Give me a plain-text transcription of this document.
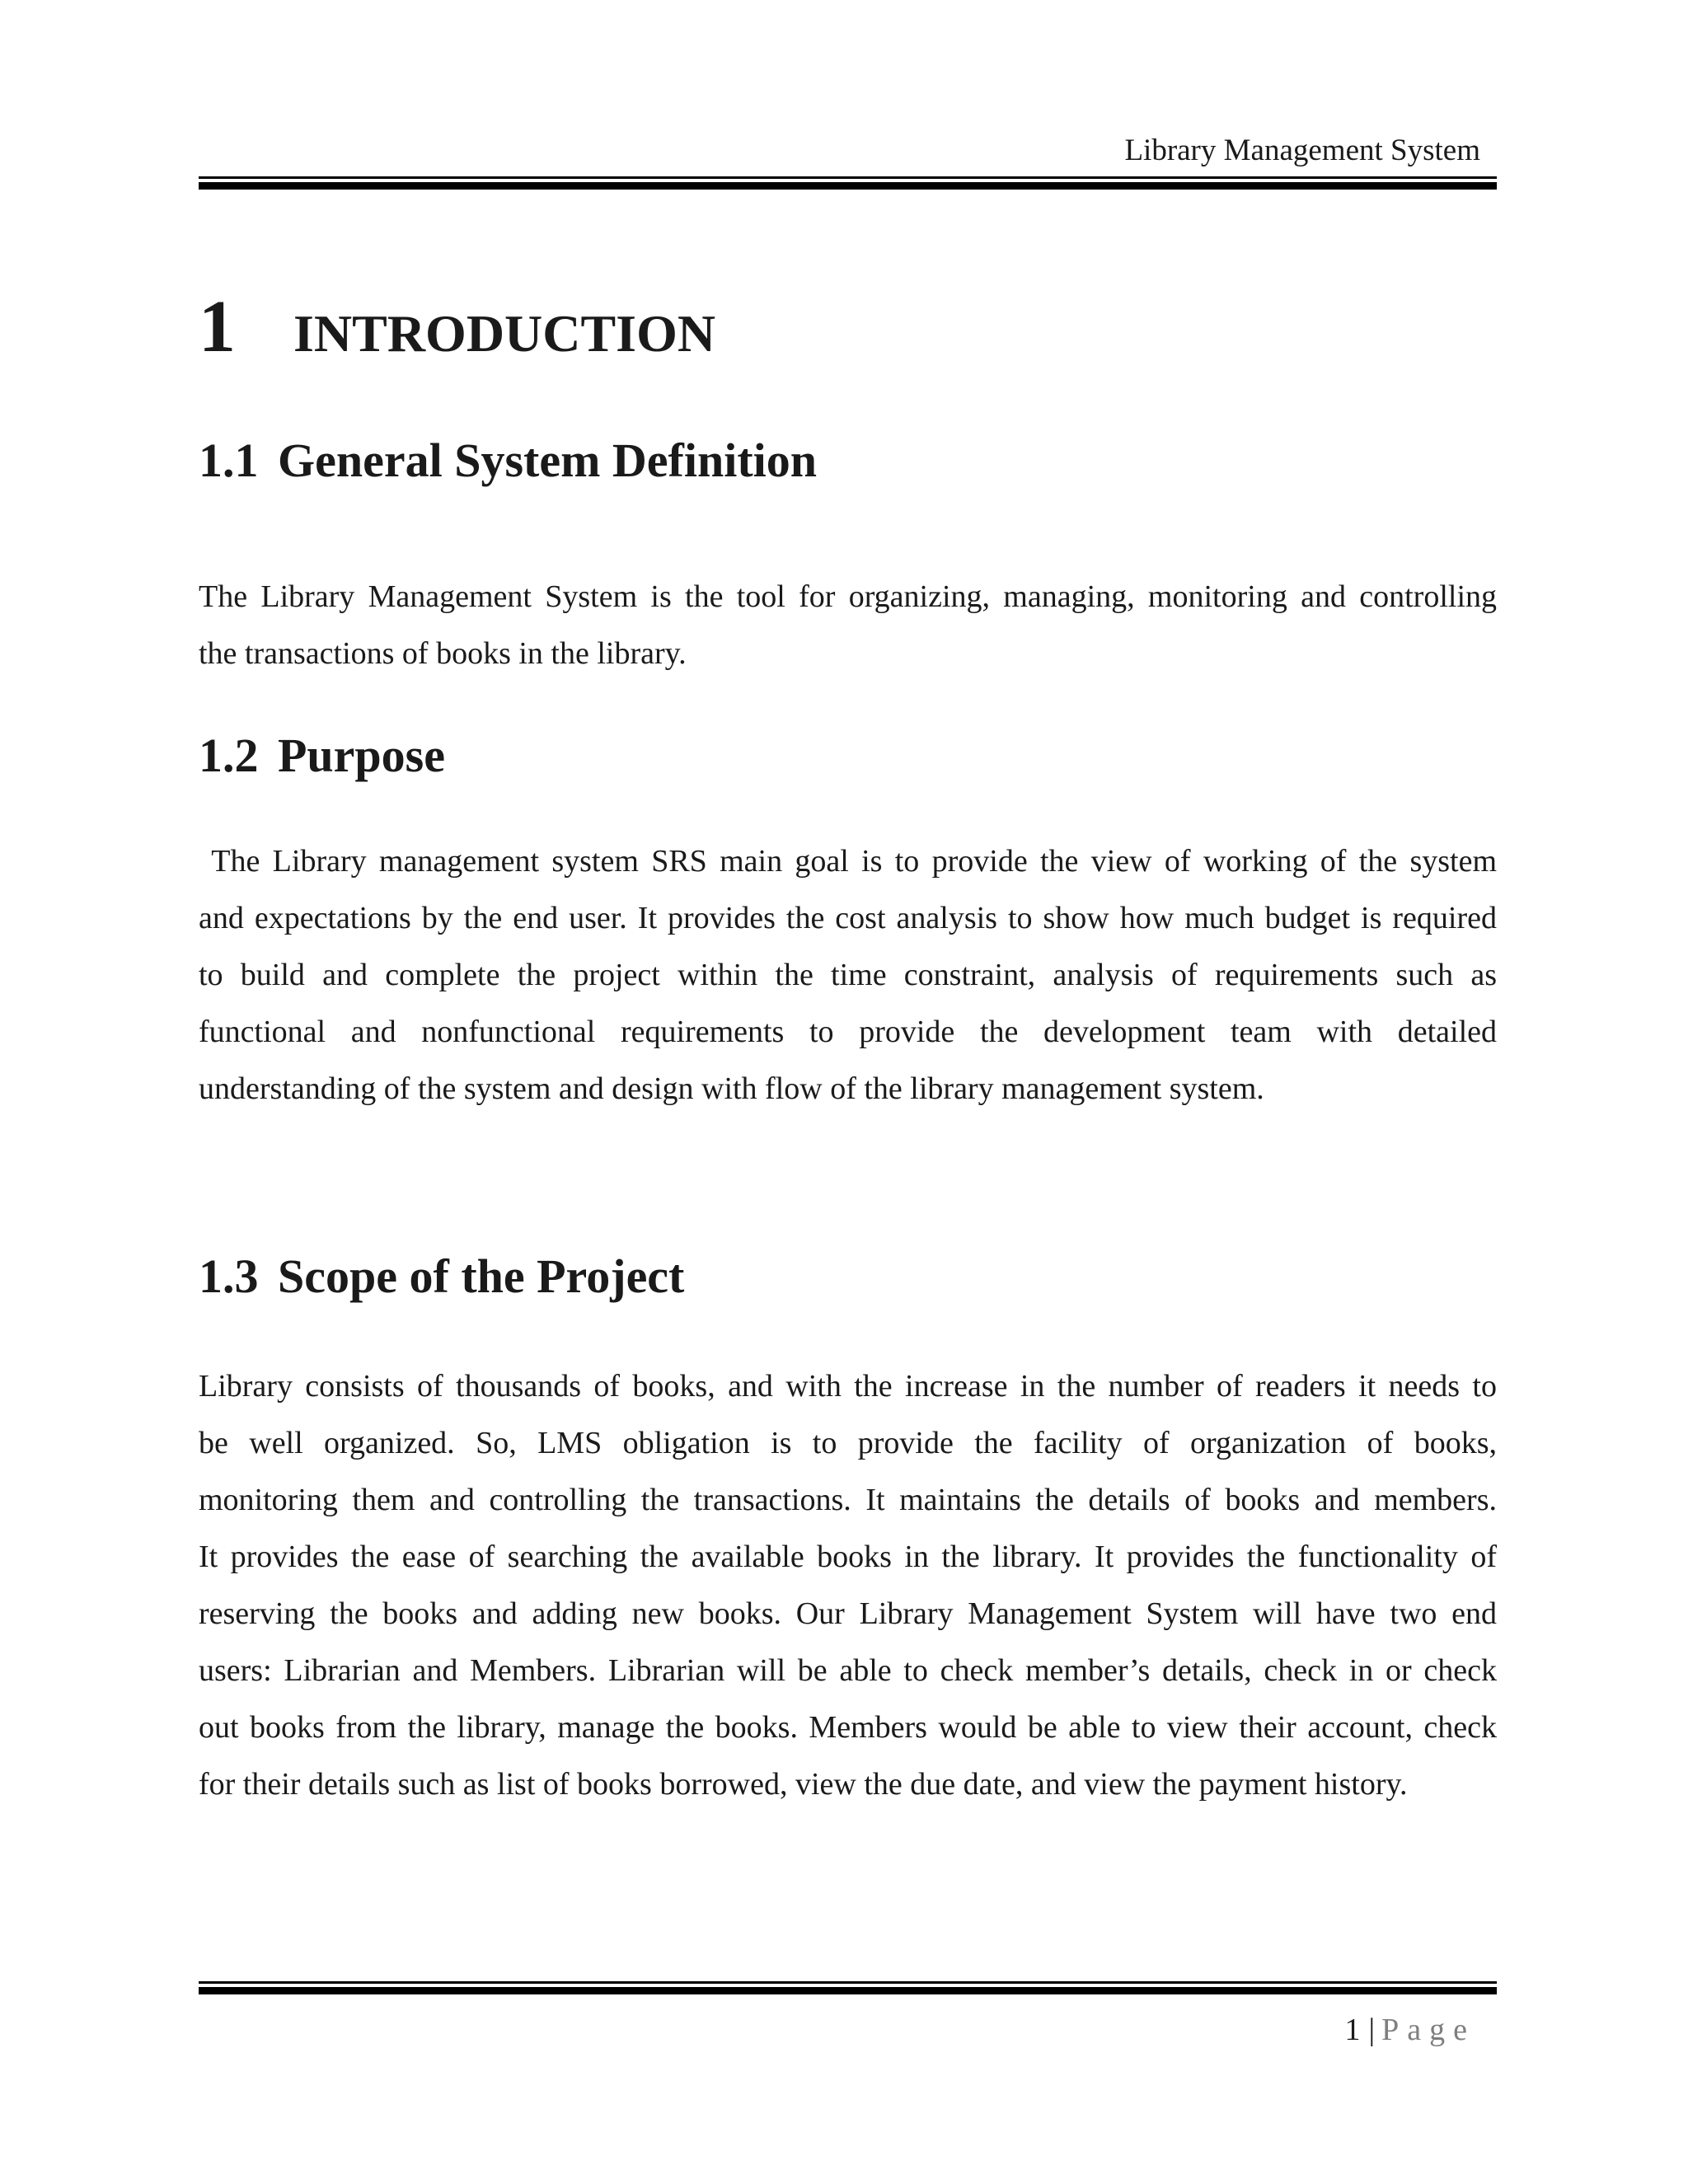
Library Management System
1 INTRODUCTION
1.1 General System Definition
The Library Management System is the tool for organizing, managing, monitoring and controlling
the transactions of books in the library.
1.2 Purpose
The Library management system SRS main goal is to provide the view of working of the system
and expectations by the end user. It provides the cost analysis to show how much budget is required
to build and complete the project within the time constraint, analysis of requirements such as
functional and nonfunctional requirements to provide the development team with detailed
understanding of the system and design with flow of the library management system.
1.3 Scope of the Project
Library consists of thousands of books, and with the increase in the number of readers it needs to
be well organized. So, LMS obligation is to provide the facility of organization of books,
monitoring them and controlling the transactions. It maintains the details of books and members.
It provides the ease of searching the available books in the library. It provides the functionality of
reserving the books and adding new books. Our Library Management System will have two end
users: Librarian and Members. Librarian will be able to check member’s details, check in or check
out books from the library, manage the books. Members would be able to view their account, check
for their details such as list of books borrowed, view the due date, and view the payment history.
1 | Page
